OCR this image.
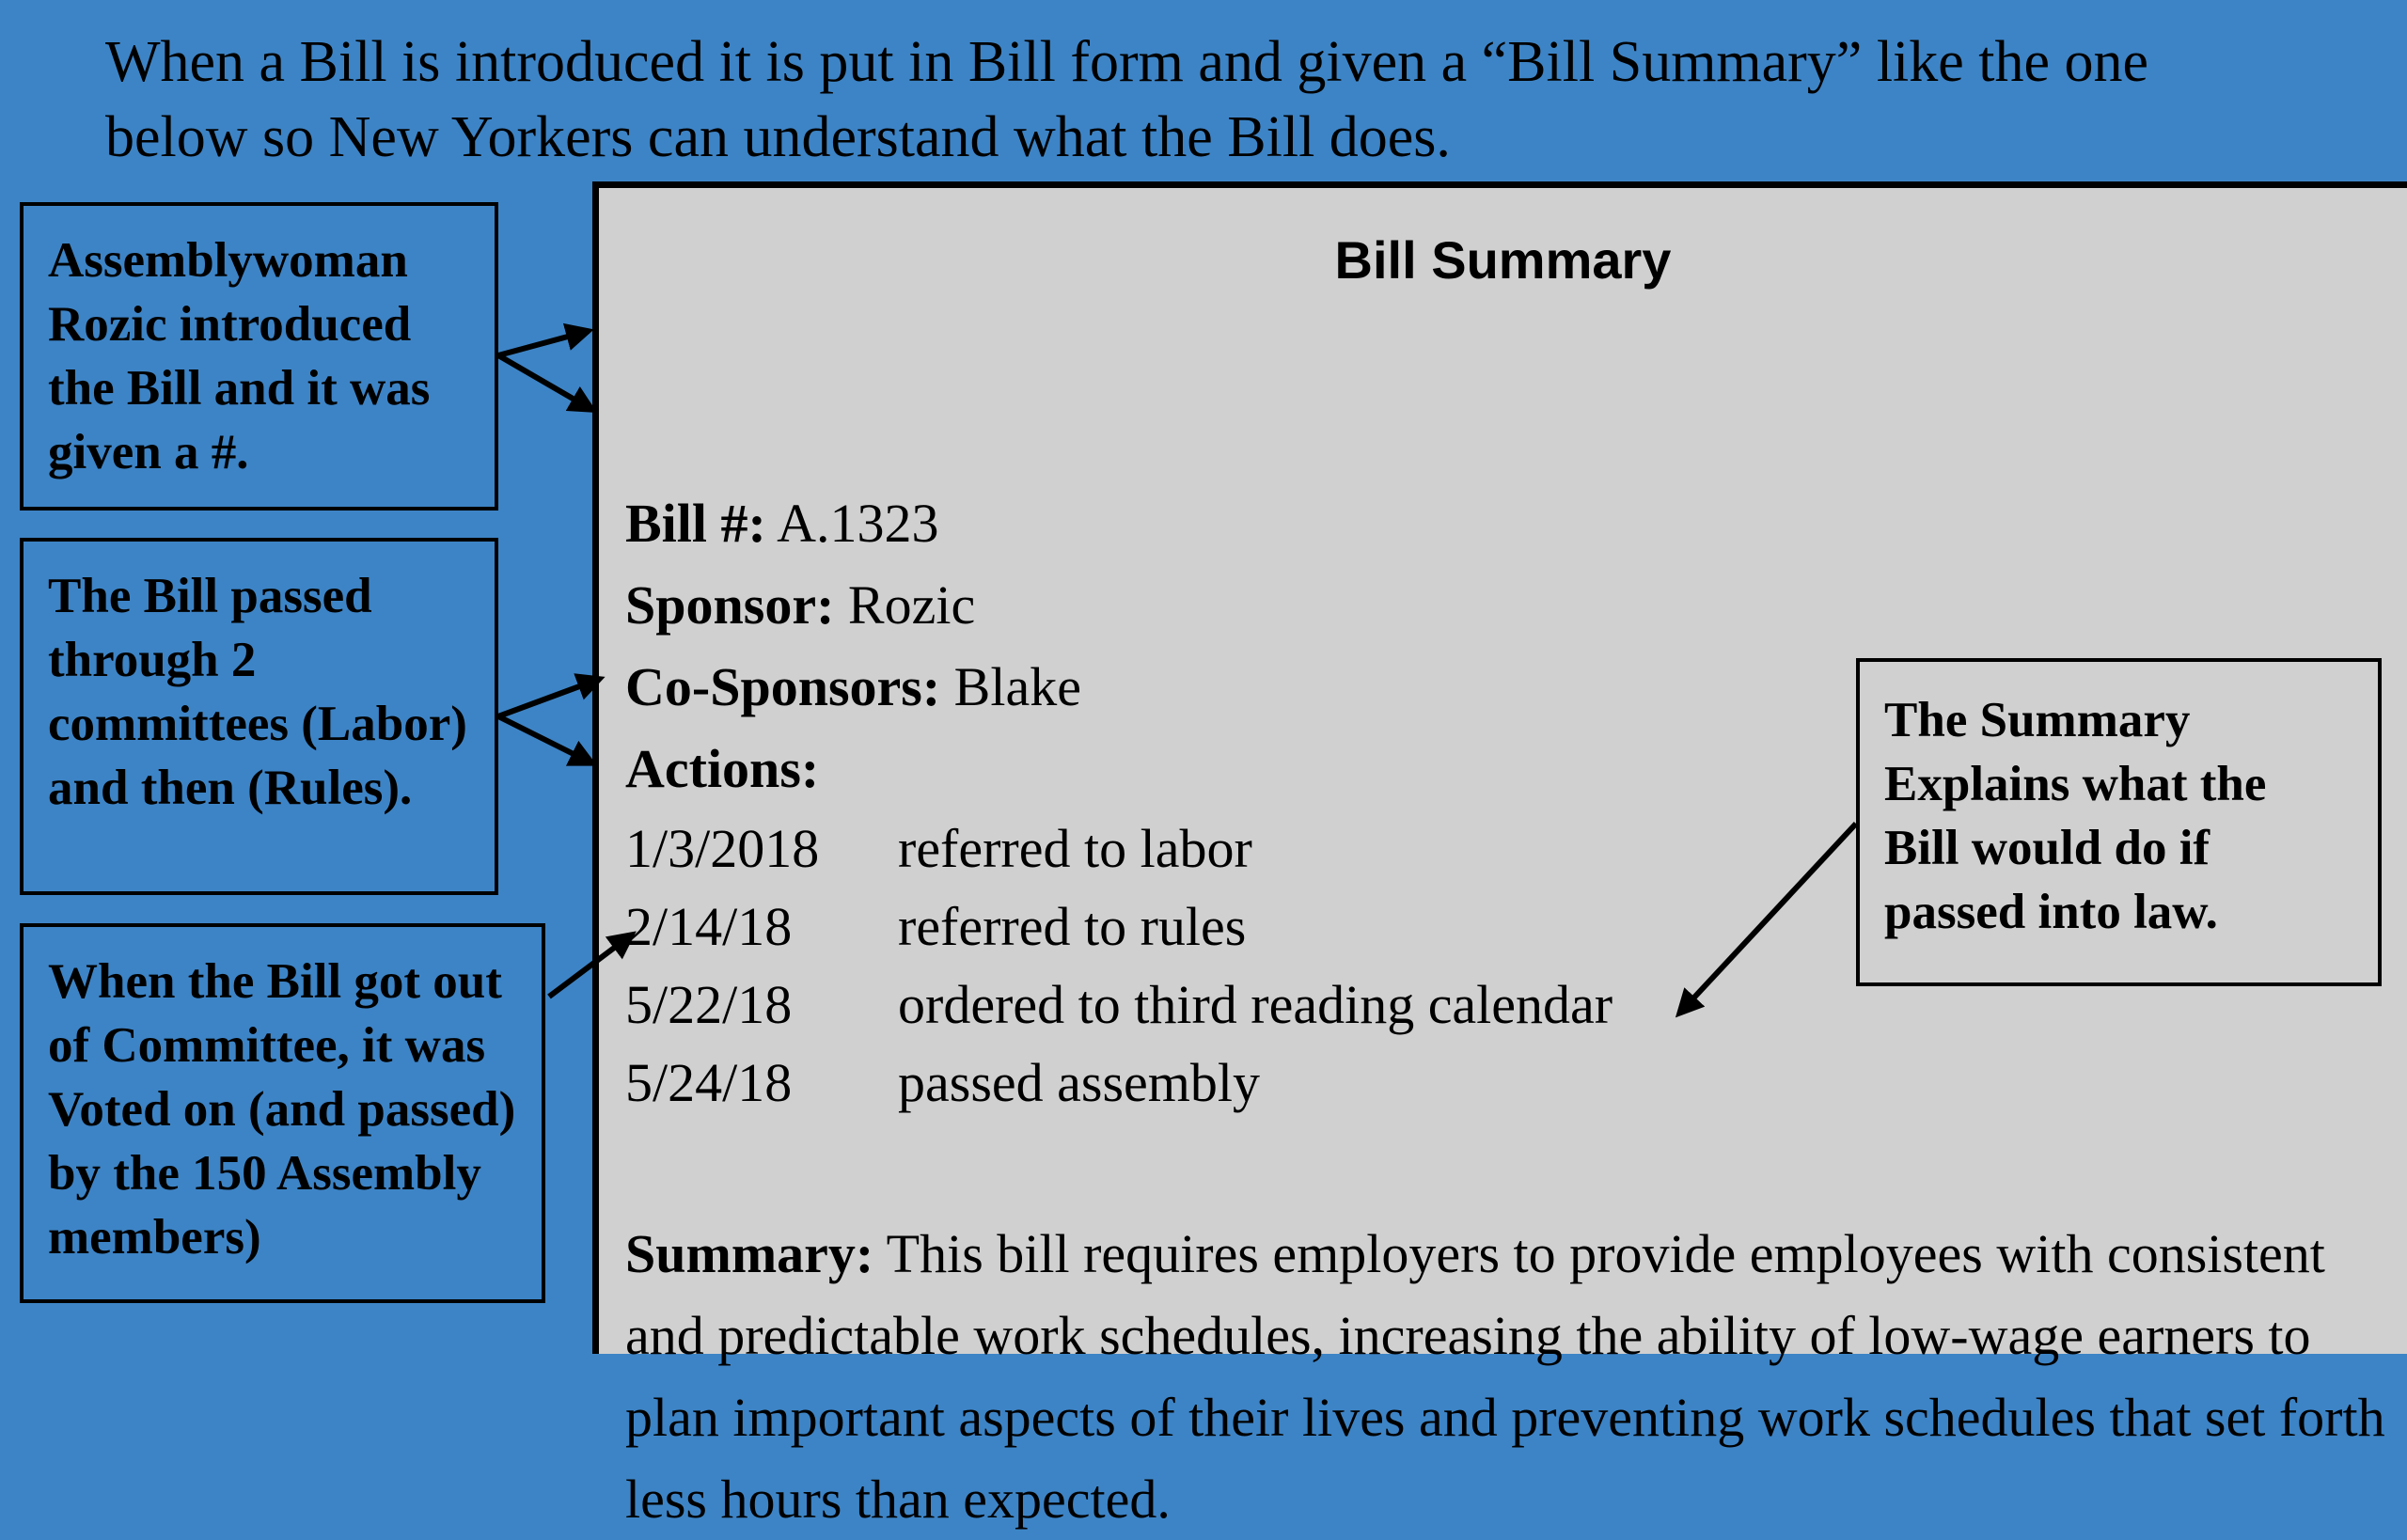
When a Bill is introduced it is put in Bill form and given a “Bill Summary” like the one below so New Yorkers can understand what the Bill does.
Assemblywoman Rozic introduced the Bill and it was given a #.
The Bill passed through 2 committees (Labor) and then (Rules).
When the Bill got out of Committee, it was Voted on (and passed) by the 150 Assembly members)
Bill Summary
Bill #: A.1323
Sponsor: Rozic
Co-Sponsors: Blake
Actions:
1/3/2018 referred to labor
2/14/18 referred to rules
5/22/18 ordered to third reading calendar
5/24/18 passed assembly
Summary: This bill requires employers to provide employees with consistent and predictable work schedules, increasing the ability of low-wage earners to plan important aspects of their lives and preventing work schedules that set forth less hours than expected.
The Summary Explains what the Bill would do if passed into law.
